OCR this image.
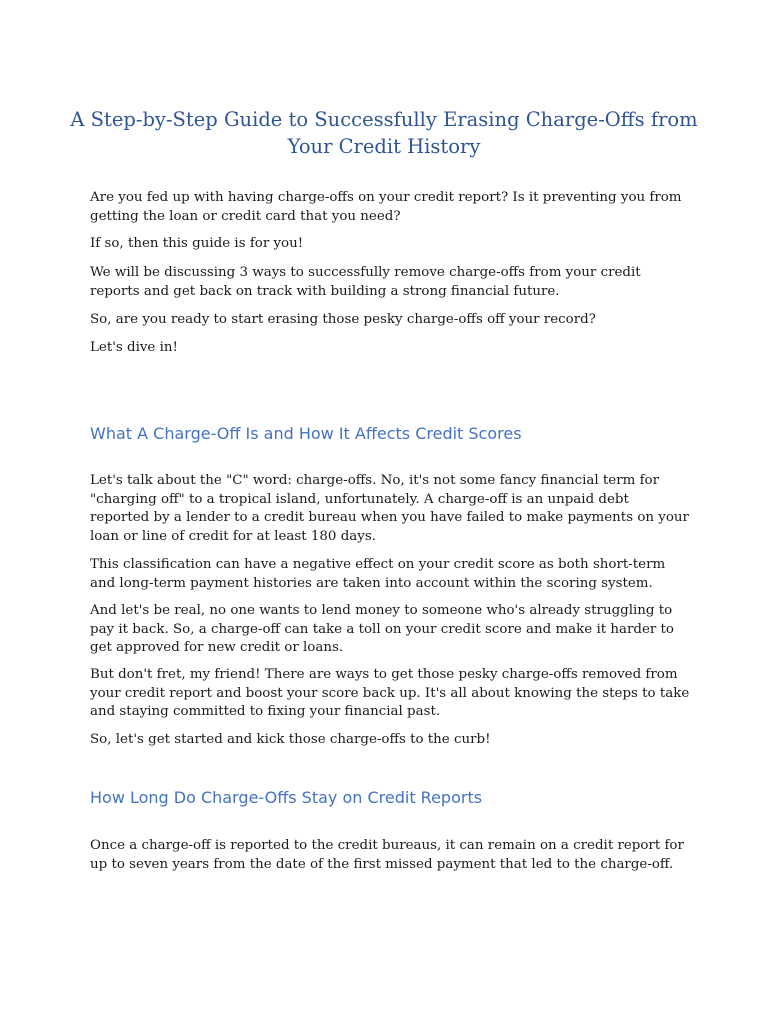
A Step-by-Step Guide to Successfully Erasing Charge-Offs from Your Credit History

Are you fed up with having charge-offs on your credit report? Is it preventing you from getting the loan or credit card that you need?

If so, then this guide is for you!

We will be discussing 3 ways to successfully remove charge-offs from your credit reports and get back on track with building a strong financial future.

So, are you ready to start erasing those pesky charge-offs off your record?

Let's dive in!

What A Charge-Off Is and How It Affects Credit Scores

Let's talk about the "C" word: charge-offs. No, it's not some fancy financial term for "charging off" to a tropical island, unfortunately. A charge-off is an unpaid debt reported by a lender to a credit bureau when you have failed to make payments on your loan or line of credit for at least 180 days.

This classification can have a negative effect on your credit score as both short-term and long-term payment histories are taken into account within the scoring system.

And let's be real, no one wants to lend money to someone who's already struggling to pay it back. So, a charge-off can take a toll on your credit score and make it harder to get approved for new credit or loans.

But don't fret, my friend! There are ways to get those pesky charge-offs removed from your credit report and boost your score back up. It's all about knowing the steps to take and staying committed to fixing your financial past.

So, let's get started and kick those charge-offs to the curb!

How Long Do Charge-Offs Stay on Credit Reports

Once a charge-off is reported to the credit bureaus, it can remain on a credit report for up to seven years from the date of the first missed payment that led to the charge-off.
